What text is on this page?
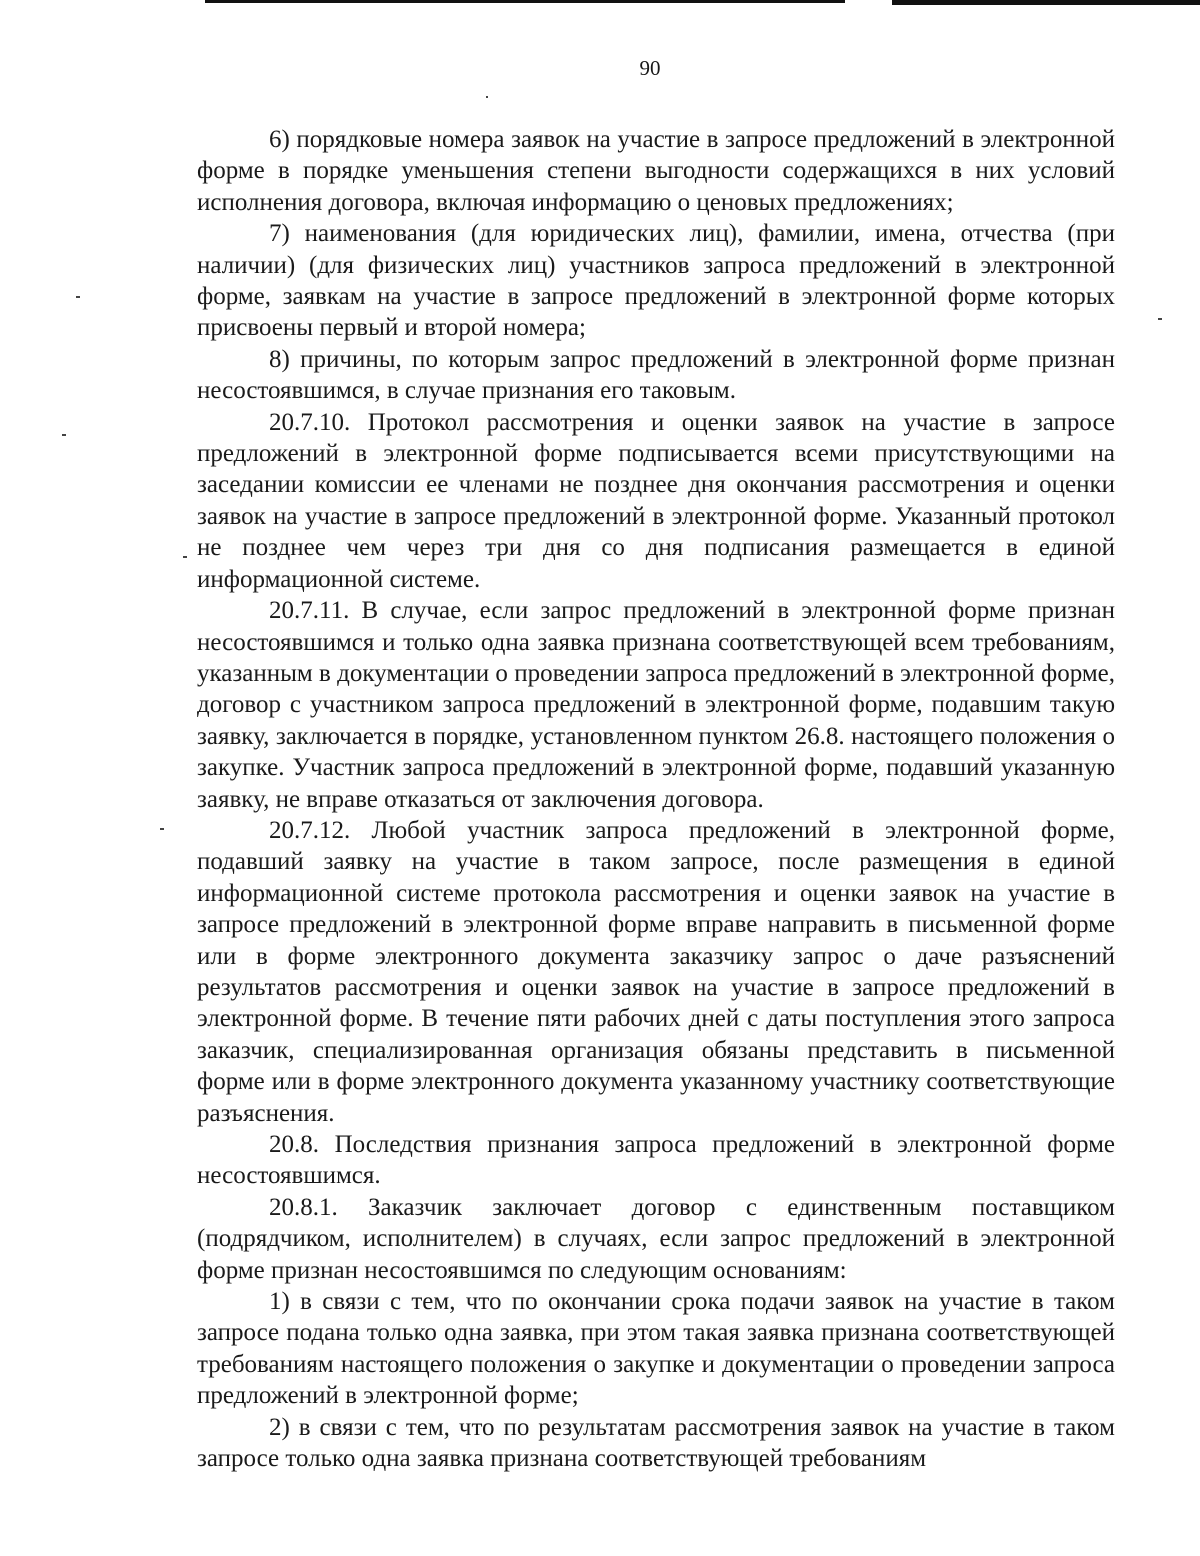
90

6) порядковые номера заявок на участие в запросе предложений в электронной форме в порядке уменьшения степени выгодности содержащихся в них условий исполнения договора, включая информацию о ценовых предложениях;

7) наименования (для юридических лиц), фамилии, имена, отчества (при наличии) (для физических лиц) участников запроса предложений в электронной форме, заявкам на участие в запросе предложений в электронной форме которых присвоены первый и второй номера;

8) причины, по которым запрос предложений в электронной форме признан несостоявшимся, в случае признания его таковым.

20.7.10. Протокол рассмотрения и оценки заявок на участие в запросе предложений в электронной форме подписывается всеми присутствующими на заседании комиссии ее членами не позднее дня окончания рассмотрения и оценки заявок на участие в запросе предложений в электронной форме. Указанный протокол не позднее чем через три дня со дня подписания размещается в единой информационной системе.

20.7.11. В случае, если запрос предложений в электронной форме признан несостоявшимся и только одна заявка признана соответствующей всем требованиям, указанным в документации о проведении запроса предложений в электронной форме, договор с участником запроса предложений в электронной форме, подавшим такую заявку, заключается в порядке, установленном пунктом 26.8. настоящего положения о закупке. Участник запроса предложений в электронной форме, подавший указанную заявку, не вправе отказаться от заключения договора.

20.7.12. Любой участник запроса предложений в электронной форме, подавший заявку на участие в таком запросе, после размещения в единой информационной системе протокола рассмотрения и оценки заявок на участие в запросе предложений в электронной форме вправе направить в письменной форме или в форме электронного документа заказчику запрос о даче разъяснений результатов рассмотрения и оценки заявок на участие в запросе предложений в электронной форме. В течение пяти рабочих дней с даты поступления этого запроса заказчик, специализированная организация обязаны представить в письменной форме или в форме электронного документа указанному участнику соответствующие разъяснения.

20.8. Последствия признания запроса предложений в электронной форме несостоявшимся.

20.8.1. Заказчик заключает договор с единственным поставщиком (подрядчиком, исполнителем) в случаях, если запрос предложений в электронной форме признан несостоявшимся по следующим основаниям:

1) в связи с тем, что по окончании срока подачи заявок на участие в таком запросе подана только одна заявка, при этом такая заявка признана соответствующей требованиям настоящего положения о закупке и документации о проведении запроса предложений в электронной форме;

2) в связи с тем, что по результатам рассмотрения заявок на участие в таком запросе только одна заявка признана соответствующей требованиям
